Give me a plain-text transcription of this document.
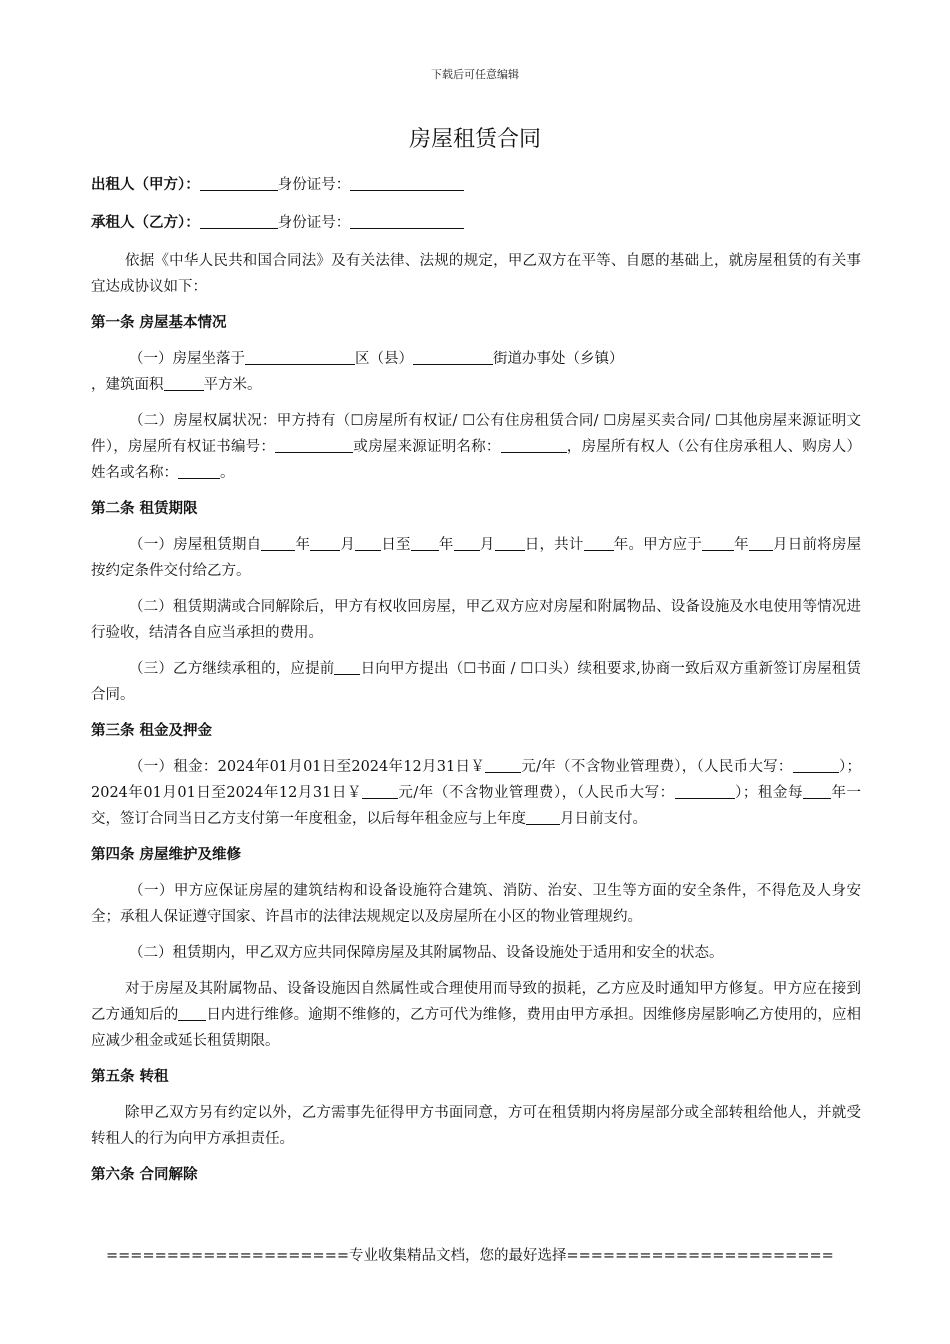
下载后可任意编辑
房屋租赁合同
出租人（甲方）：	身份证号：
承租人（乙方）：	身份证号：

依据《中华人民共和国合同法》及有关法律、法规的规定，甲乙双方在平等、自愿的基础上，就房屋租赁的有关事宜达成协议如下：

第一条 房屋基本情况

（一）房屋坐落于	区（县）	街道办事处（乡镇）
，建筑面积	平方米。

（二）房屋权属状况：甲方持有（☐房屋所有权证/ ☐公有住房租赁合同/ ☐房屋买卖合同/ ☐其他房屋来源证明文件），房屋所有权证书编号：	或房屋来源证明名称：	，房屋所有权人（公有住房承租人、购房人）姓名或名称：	。

第二条 租赁期限

（一）房屋租赁期自 年 月 日至 年 月 日，共计 年。甲方应于 年 月日前将房屋按约定条件交付给乙方。

（二）租赁期满或合同解除后，甲方有权收回房屋，甲乙双方应对房屋和附属物品、设备设施及水电使用等情况进行验收，结清各自应当承担的费用。

（三）乙方继续承租的，应提前 日向甲方提出（☐书面 / ☐口头）续租要求,协商一致后双方重新签订房屋租赁合同。

第三条 租金及押金

（一）租金：2024年01月01日至2024年12月31日￥ 元/年（不含物业管理费），（人民币大写：	）；2024年01月01日至2024年12月31日￥ 元/年（不含物业管理费），（人民币大写：	）；租金每 年一交，签订合同当日乙方支付第一年度租金，以后每年租金应与上年度 月日前支付。

第四条 房屋维护及维修

（一）甲方应保证房屋的建筑结构和设备设施符合建筑、消防、治安、卫生等方面的安全条件，不得危及人身安全；承租人保证遵守国家、许昌市的法律法规规定以及房屋所在小区的物业管理规约。

（二）租赁期内，甲乙双方应共同保障房屋及其附属物品、设备设施处于适用和安全的状态。

对于房屋及其附属物品、设备设施因自然属性或合理使用而导致的损耗，乙方应及时通知甲方修复。甲方应在接到乙方通知后的 日内进行维修。逾期不维修的，乙方可代为维修，费用由甲方承担。因维修房屋影响乙方使用的，应相应减少租金或延长租赁期限。

第五条 转租

除甲乙双方另有约定以外，乙方需事先征得甲方书面同意，方可在租赁期内将房屋部分或全部转租给他人，并就受转租人的行为向甲方承担责任。

第六条 合同解除
====================专业收集精品文档，您的最好选择======================
